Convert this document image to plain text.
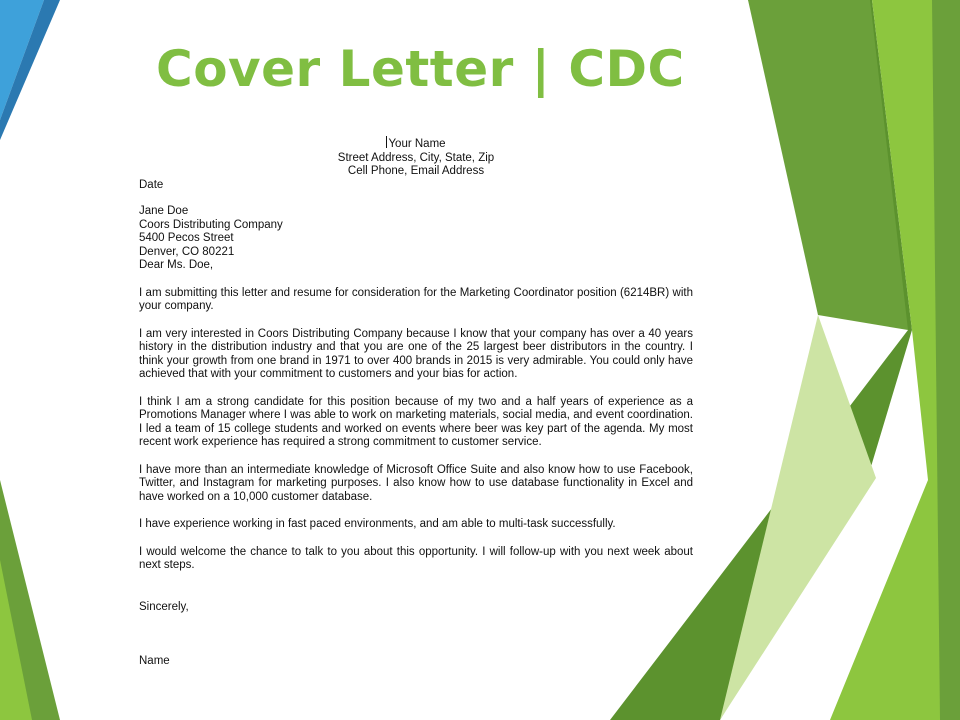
Cover Letter | CDC

Your Name

Street Address, City, State, Zip

Cell Phone, Email Address

Date

Jane Doe

Coors Distributing Company

5400 Pecos Street

Denver, CO 80221

Dear Ms. Doe,

I am submitting this letter and resume for consideration for the Marketing Coordinator position (6214BR) with your company.

I am very interested in Coors Distributing Company because I know that your company has over a 40 years history in the distribution industry and that you are one of the 25 largest beer distributors in the country. I think your growth from one brand in 1971 to over 400 brands in 2015 is very admirable. You could only have achieved that with your commitment to customers and your bias for action.

I think I am a strong candidate for this position because of my two and a half years of experience as a Promotions Manager where I was able to work on marketing materials, social media, and event coordination. I led a team of 15 college students and worked on events where beer was key part of the agenda. My most recent work experience has required a strong commitment to customer service.

I have more than an intermediate knowledge of Microsoft Office Suite and also know how to use Facebook, Twitter, and Instagram for marketing purposes. I also know how to use database functionality in Excel and have worked on a 10,000 customer database.

I have experience working in fast paced environments, and am able to multi-task successfully.

I would welcome the chance to talk to you about this opportunity. I will follow-up with you next week about next steps.

Sincerely,

Name
